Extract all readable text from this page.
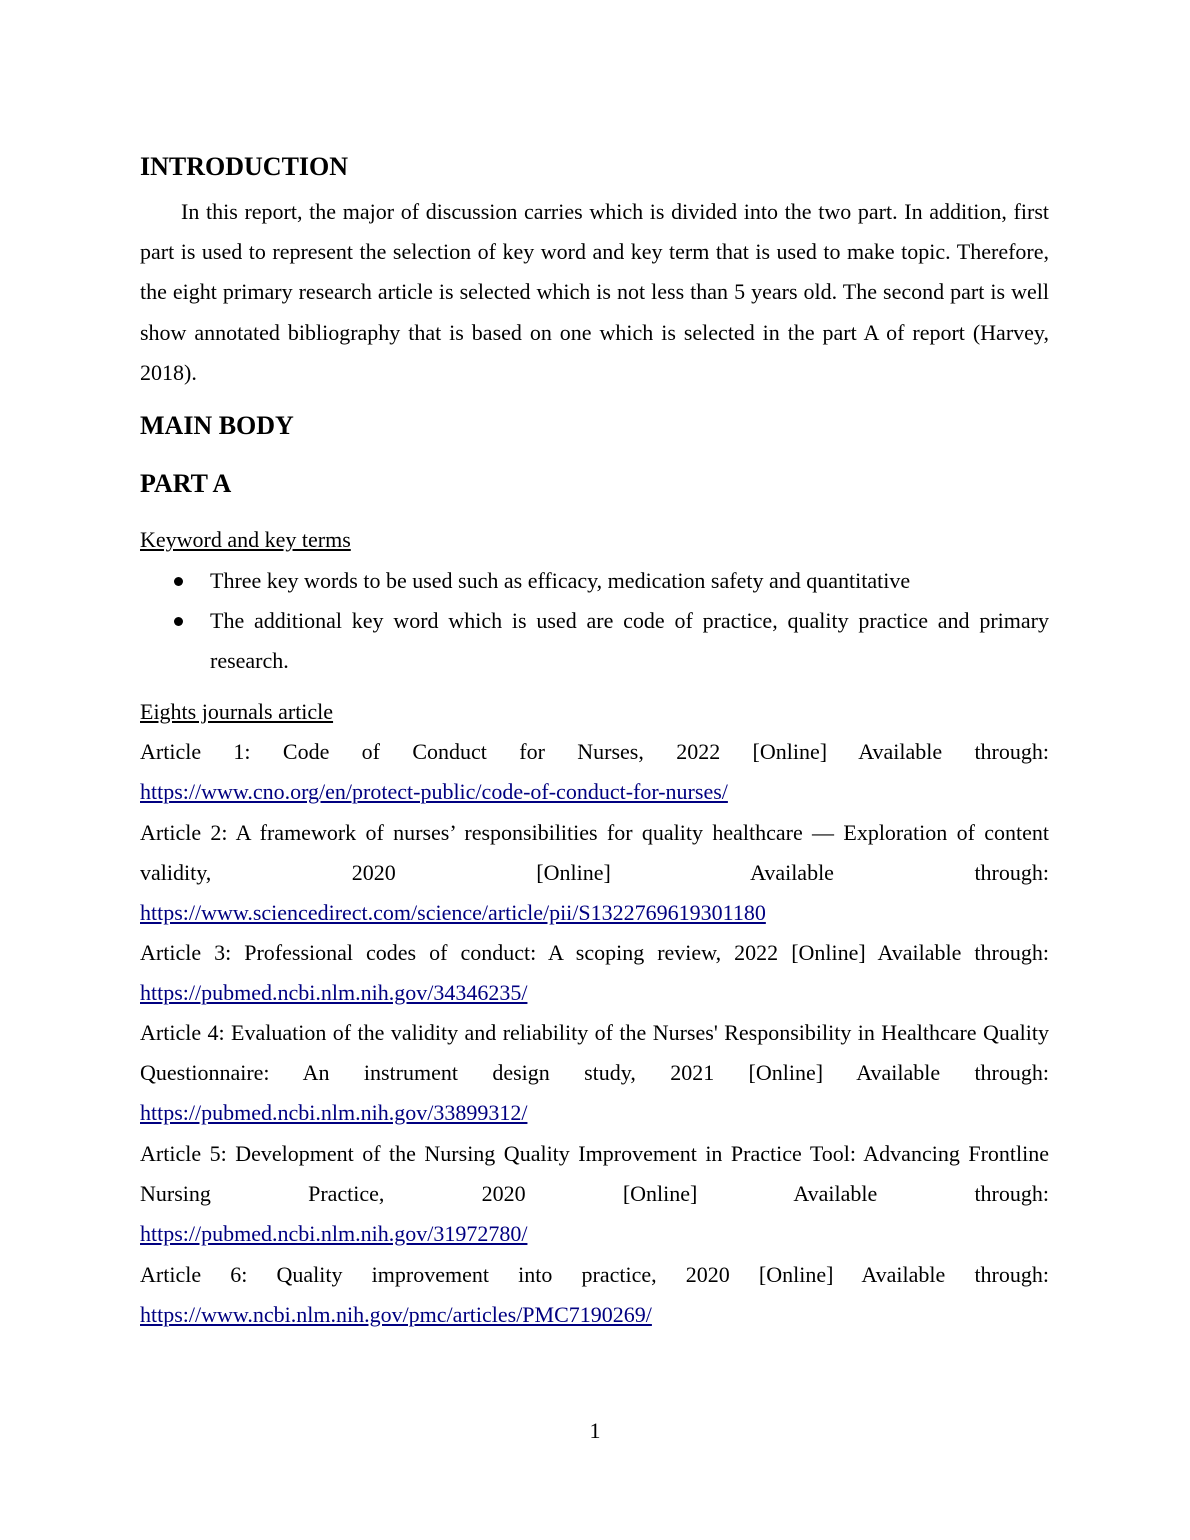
INTRODUCTION

In this report, the major of discussion carries which is divided into the two part. In addition, first part is used to represent the selection of key word and key term that is used to make topic. Therefore, the eight primary research article is selected which is not less than 5 years old. The second part is well show annotated bibliography that is based on one which is selected in the part A of report (Harvey, 2018).

MAIN BODY
PART A

Keyword and key terms

Three key words to be used such as efficacy, medication safety and quantitative
The additional key word which is used are code of practice, quality practice and primary research.

Eights journals article

Article 1: Code of Conduct for Nurses, 2022 [Online] Available through:
https://www.cno.org/en/protect-public/code-of-conduct-for-nurses/
Article 2: A framework of nurses’ responsibilities for quality healthcare — Exploration of content validity, 2020 [Online] Available through:
https://www.sciencedirect.com/science/article/pii/S1322769619301180
Article 3: Professional codes of conduct: A scoping review, 2022 [Online] Available through:
https://pubmed.ncbi.nlm.nih.gov/34346235/
Article 4: Evaluation of the validity and reliability of the Nurses' Responsibility in Healthcare Quality Questionnaire: An instrument design study, 2021 [Online] Available through:
https://pubmed.ncbi.nlm.nih.gov/33899312/
Article 5: Development of the Nursing Quality Improvement in Practice Tool: Advancing Frontline Nursing Practice, 2020 [Online] Available through:
https://pubmed.ncbi.nlm.nih.gov/31972780/
Article 6: Quality improvement into practice, 2020 [Online] Available through:
https://www.ncbi.nlm.nih.gov/pmc/articles/PMC7190269/
1
